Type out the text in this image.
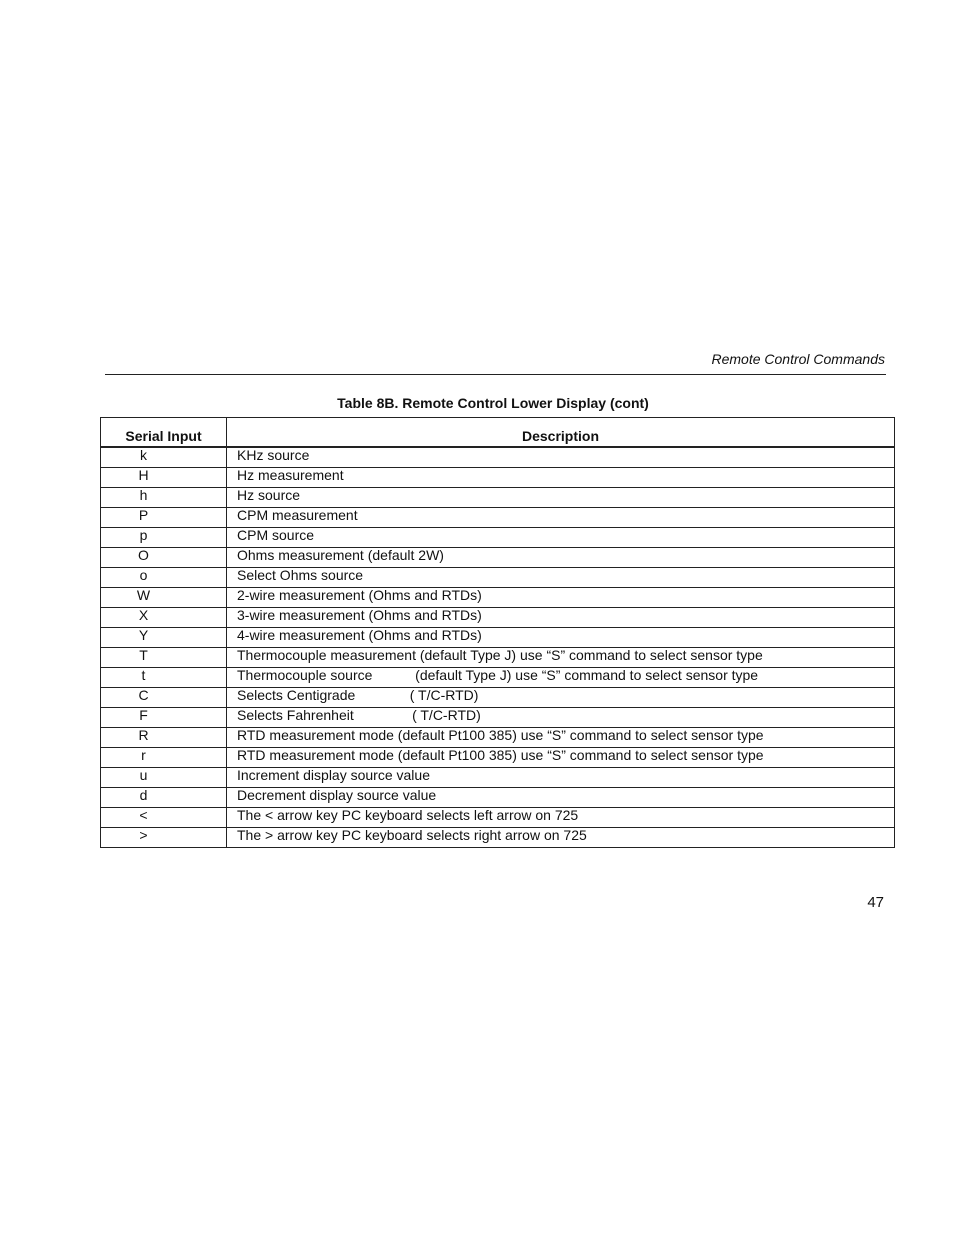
Remote Control Commands
Table 8B. Remote Control Lower Display (cont)
Serial Input	Description
k	KHz source
H	Hz measurement
h	Hz source
P	CPM measurement
p	CPM source
O	Ohms measurement (default 2W)
o	Select Ohms source
W	2-wire measurement (Ohms and RTDs)
X	3-wire measurement (Ohms and RTDs)
Y	4-wire measurement (Ohms and RTDs)
T	Thermocouple measurement (default Type J) use “S” command to select sensor type
t	Thermocouple source           (default Type J) use “S” command to select sensor type
C	Selects Centigrade              ( T/C-RTD)
F	Selects Fahrenheit               ( T/C-RTD)
R	RTD measurement mode (default Pt100 385) use “S” command to select sensor type
r	RTD measurement mode (default Pt100 385) use “S” command to select sensor type
u	Increment display source value
d	Decrement display source value
<	The < arrow key PC keyboard selects left arrow on 725
>	The > arrow key PC keyboard selects right arrow on 725
47
